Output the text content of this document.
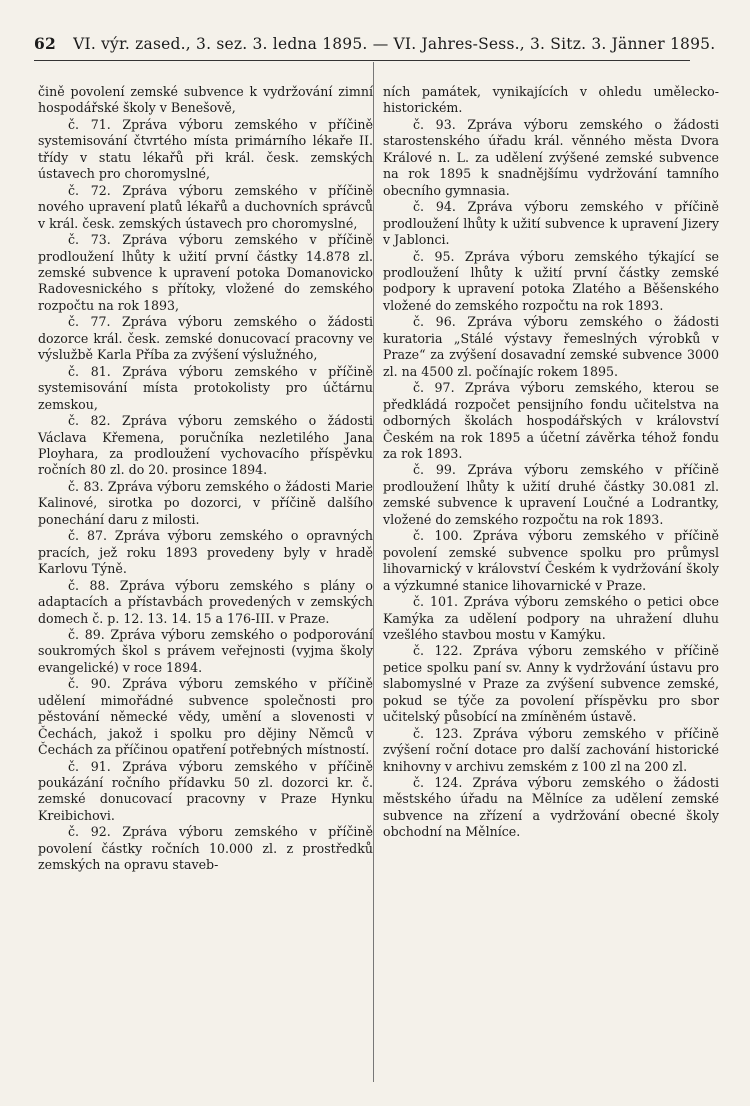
62 VI. výr. zased., 3. sez. 3. ledna 1895. — VI. Jahres-Sess., 3. Sitz. 3. Jänner 1895.

čině povolení zemské subvence k vydržování zimní hospodářské školy v Benešově,

č. 71. Zpráva výboru zemského v příčině systemisování čtvrtého místa primárního lékaře II. třídy v statu lékařů při král. česk. zemských ústavech pro choromyslné,

č. 72. Zpráva výboru zemského v příčině nového upravení platů lékařů a duchovních správců v král. česk. zemských ústavech pro choromyslné,

č. 73. Zpráva výboru zemského v příčině prodloužení lhůty k užití první částky 14.878 zl. zemské subvence k upravení potoka Domanovicko Radovesnického s přítoky, vložené do zemského rozpočtu na rok 1893,

č. 77. Zpráva výboru zemského o žádosti dozorce král. česk. zemské donucovací pracovny ve výslužbě Karla Příba za zvýšení výslužného,

č. 81. Zpráva výboru zemského v příčině systemisování místa protokolisty pro účtárnu zemskou,

č. 82. Zpráva výboru zemského o žádosti Václava Křemena, poručníka nezletilého Jana Ployhara, za prodloužení vychovacího příspěvku ročních 80 zl. do 20. prosince 1894.

č. 83. Zpráva výboru zemského o žádosti Marie Kalinové, sirotka po dozorci, v příčině dalšího ponechání daru z milosti.

č. 87. Zpráva výboru zemského o opravných pracích, jež roku 1893 provedeny byly v hradě Karlovu Týně.

č. 88. Zpráva výboru zemského s plány o adaptacích a přístavbách provedených v zemských domech č. p. 12. 13. 14. 15 a 176-III. v Praze.

č. 89. Zpráva výboru zemského o podporování soukromých škol s právem veřejnosti (vyjma školy evangelické) v roce 1894.

č. 90. Zpráva výboru zemského v příčině udělení mimořádné subvence společnosti pro pěstování německé vědy, umění a slovenosti v Čechách, jakož i spolku pro dějiny Němců v Čechách za příčinou opatření potřebných místností.

č. 91. Zpráva výboru zemského v příčině poukázání ročního přídavku 50 zl. dozorci kr. č. zemské donucovací pracovny v Praze Hynku Kreibichovi.

č. 92. Zpráva výboru zemského v příčině povolení částky ročních 10.000 zl. z prostředků zemských na opravu staveb-

ních památek, vynikajících v ohledu umělecko-historickém.

č. 93. Zpráva výboru zemského o žádosti starostenského úřadu král. věnného města Dvora Králové n. L. za udělení zvýšené zemské subvence na rok 1895 k snadnějšímu vydržování tamního obecního gymnasia.

č. 94. Zpráva výboru zemského v příčině prodloužení lhůty k užití subvence k upravení Jizery v Jablonci.

č. 95. Zpráva výboru zemského týkající se prodloužení lhůty k užití první částky zemské podpory k upravení potoka Zlatého a Běšenského vložené do zemského rozpočtu na rok 1893.

č. 96. Zpráva výboru zemského o žádosti kuratoria „Stálé výstavy řemeslných výrobků v Praze“ za zvýšení dosavadní zemské subvence 3000 zl. na 4500 zl. počínajíc rokem 1895.

č. 97. Zpráva výboru zemského, kterou se předkládá rozpočet pensijního fondu učitelstva na odborných školách hospodářských v království Českém na rok 1895 a účetní závěrka téhož fondu za rok 1893.

č. 99. Zpráva výboru zemského v příčině prodloužení lhůty k užití druhé částky 30.081 zl. zemské subvence k upravení Loučné a Lodrantky, vložené do zemského rozpočtu na rok 1893.

č. 100. Zpráva výboru zemského v příčině povolení zemské subvence spolku pro průmysl lihovarnický v království Českém k vydržování školy a výzkumné stanice lihovarnické v Praze.

č. 101. Zpráva výboru zemského o petici obce Kamýka za udělení podpory na uhražení dluhu vzešlého stavbou mostu v Kamýku.

č. 122. Zpráva výboru zemského v příčině petice spolku paní sv. Anny k vydržování ústavu pro slabomyslné v Praze za zvýšení subvence zemské, pokud se týče za povolení příspěvku pro sbor učitelský působící na zmíněném ústavě.

č. 123. Zpráva výboru zemského v příčině zvýšení roční dotace pro další zachování historické knihovny v archivu zemském z 100 zl na 200 zl.

č. 124. Zpráva výboru zemského o žádosti městského úřadu na Mělníce za udělení zemské subvence na zřízení a vydržování obecné školy obchodní na Mělníce.
